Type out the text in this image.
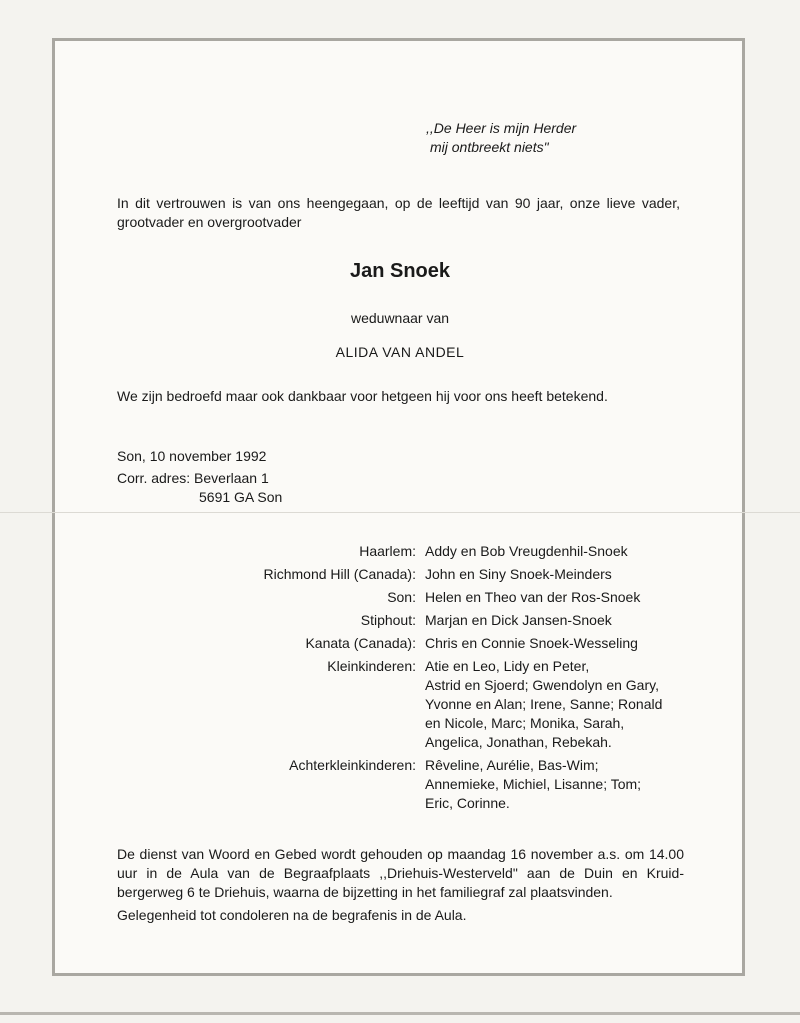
,,De Heer is mijn Herder
mij ontbreekt niets"
In dit vertrouwen is van ons heengegaan, op de leeftijd van 90 jaar, onze lieve vader, grootvader en overgrootvader
Jan Snoek
weduwnaar van
ALIDA VAN ANDEL
We zijn bedroefd maar ook dankbaar voor hetgeen hij voor ons heeft betekend.
Son, 10 november 1992
Corr. adres: Beverlaan 1
5691 GA Son
Haarlem: Addy en Bob Vreugdenhil-Snoek
Richmond Hill (Canada): John en Siny Snoek-Meinders
Son: Helen en Theo van der Ros-Snoek
Stiphout: Marjan en Dick Jansen-Snoek
Kanata (Canada): Chris en Connie Snoek-Wesseling
Kleinkinderen: Atie en Leo, Lidy en Peter,
Astrid en Sjoerd; Gwendolyn en Gary,
Yvonne en Alan; Irene, Sanne; Ronald
en Nicole, Marc; Monika, Sarah,
Angelica, Jonathan, Rebekah.
Achterkleinkinderen: Rêveline, Aurélie, Bas-Wim;
Annemieke, Michiel, Lisanne; Tom;
Eric, Corinne.
De dienst van Woord en Gebed wordt gehouden op maandag 16 november a.s. om 14.00 uur in de Aula van de Begraafplaats ,,Driehuis-Westerveld" aan de Duin en Kruid-bergerweg 6 te Driehuis, waarna de bijzetting in het familiegraf zal plaatsvinden.
Gelegenheid tot condoleren na de begrafenis in de Aula.
